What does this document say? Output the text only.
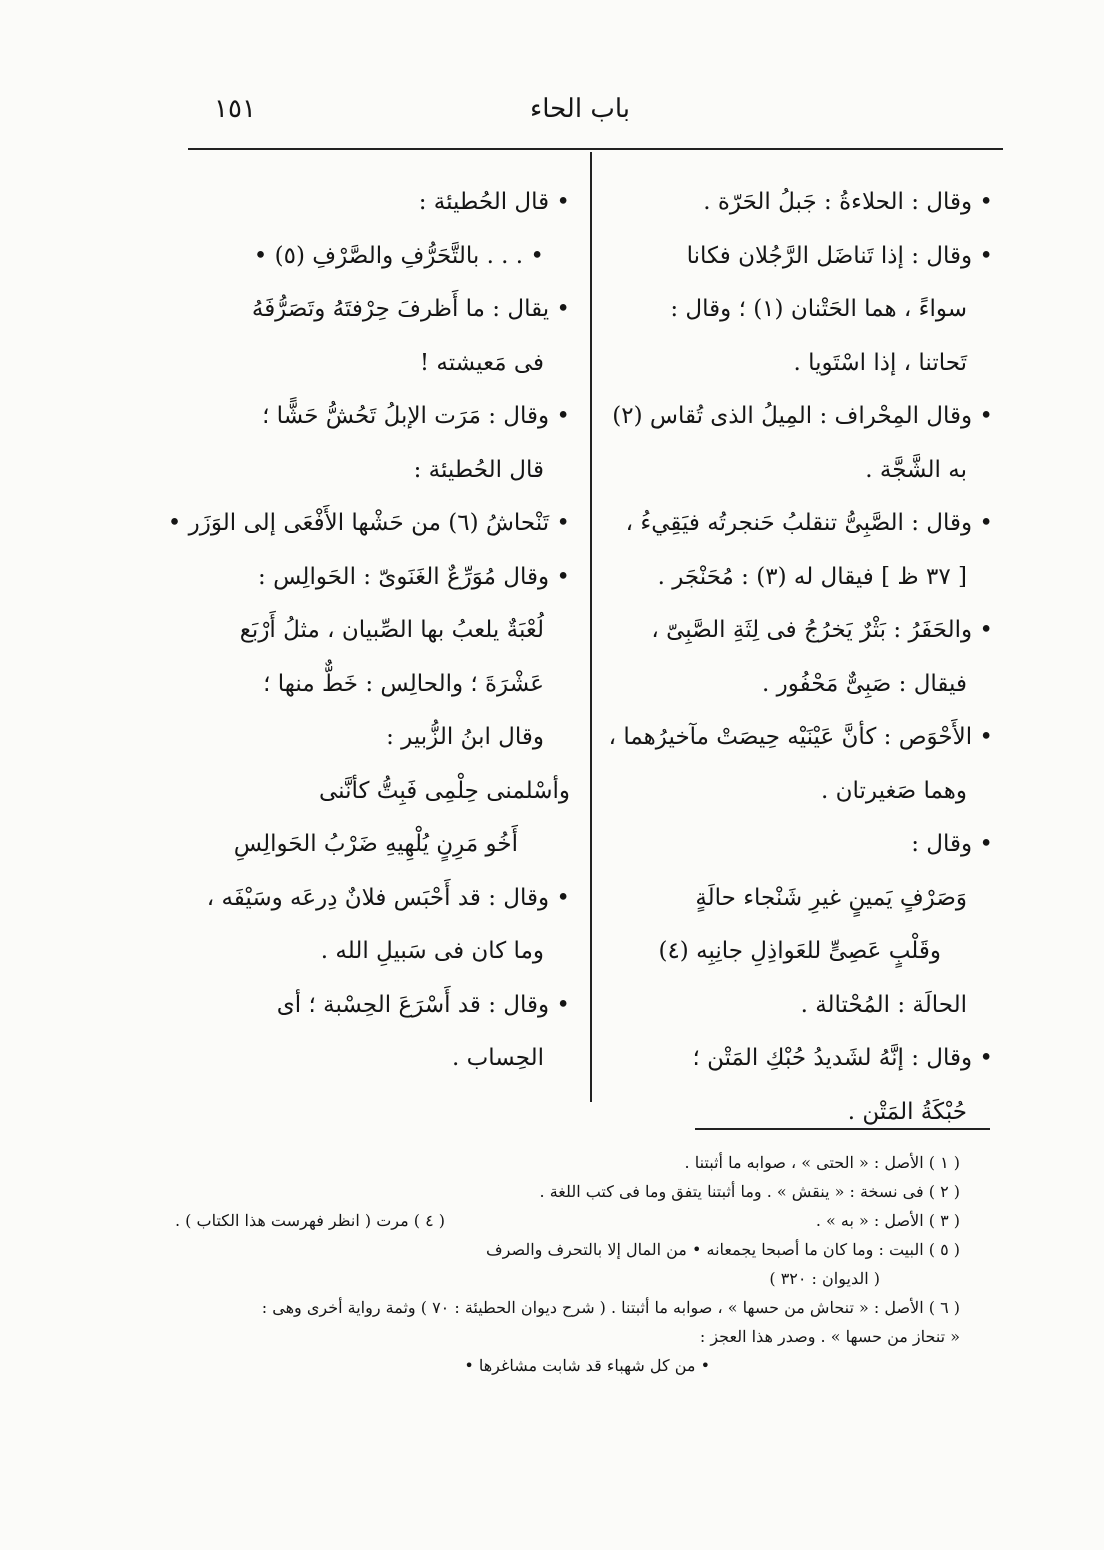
١٥١	باب الحاء
• وقال : الحلاءةُ : جَبلُ الحَرّة .
• وقال : إذا تَناضَل الرَّجُلان فكانا
سواءً ، هما الحَتْنان (١) ؛ وقال :
تَحاتنا ، إذا اسْتَويا .
• وقال المِحْراف : المِيلُ الذى تُقاس (٢)
به الشَّجَّة .
• وقال : الصَّبِىُّ تنقلبُ حَنجرتُه فيَقِيءُ ،
[ ٣٧ ظ ] فيقال له (٣) : مُحَنْجَر .
• والحَفَرُ : بَثْرٌ يَخرُجُ فى لِثَةِ الصَّبِىّ ،
فيقال : صَبِىٌّ مَحْفُور .
• الأَحْوَص : كأنَّ عَيْنَيْه حِيصَتْ مآخيرُهما ،
وهما صَغيرتان .
• وقال :
وَصَرْفٍ يَمينٍ غيرِ شَنْجاء حالَةٍ
وقَلْبٍ عَصِىٍّ للعَواذِلِ جانِبِه (٤)
الحالَة : المُحْتالة .
• وقال : إنَّهُ لشَديدُ حُبْكِ المَتْن ؛
حُبْكَةُ المَتْن .
• قال الحُطيئة :
• . . . بالتَّحَرُّفِ والصَّرْفِ (٥) •
• يقال : ما أَظرفَ حِرْفتَهُ وتَصَرُّفَهُ
فى مَعيشته !
• وقال : مَرَت الإبلُ تَحُشُّ حَشًّا ؛
قال الحُطيئة :
• تَنْحاشُ (٦) من حَشْها الأَفْعَى إلى الوَزَر •
• وقال مُوَرِّعٌ الغَنَوىّ : الحَوالِس :
لُعْبَةٌ يلعبُ بها الصِّبيان ، مثلُ أَرْبَع
عَشْرَةَ ؛ والحالِس : خَطٌّ منها ؛
وقال ابنُ الزُّبير :
وأسْلمنى حِلْمِى فَبِتُّ كأنَّنى
أَخُو مَرِنٍ يُلْهِيهِ ضَرْبُ الحَوالِسِ
• وقال : قد أَحْبَس فلانٌ دِرعَه وسَيْفَه ،
وما كان فى سَبيلِ الله .
• وقال : قد أَسْرَعَ الحِسْبة ؛ أى
الحِساب .
( ١ ) الأصل : « الحتى » ، صوابه ما أثبتنا .
( ٢ ) فى نسخة : « ينقش » . وما أثبتنا يتفق وما فى كتب اللغة .
( ٣ ) الأصل : « به » .
( ٤ ) مرت ( انظر فهرست هذا الكتاب ) .
( ٥ ) البيت : وما كان ما أصبحا يجمعانه • من المال إلا بالتحرف والصرف
( الديوان : ٣٢٠ )
( ٦ ) الأصل : « تنحاش من حسها » ، صوابه ما أثبتنا . ( شرح ديوان الحطيئة : ٧٠ ) وثمة رواية أخرى وهى :
« تنحاز من حسها » . وصدر هذا العجز :
• من كل شهباء قد شابت مشاغرها •
